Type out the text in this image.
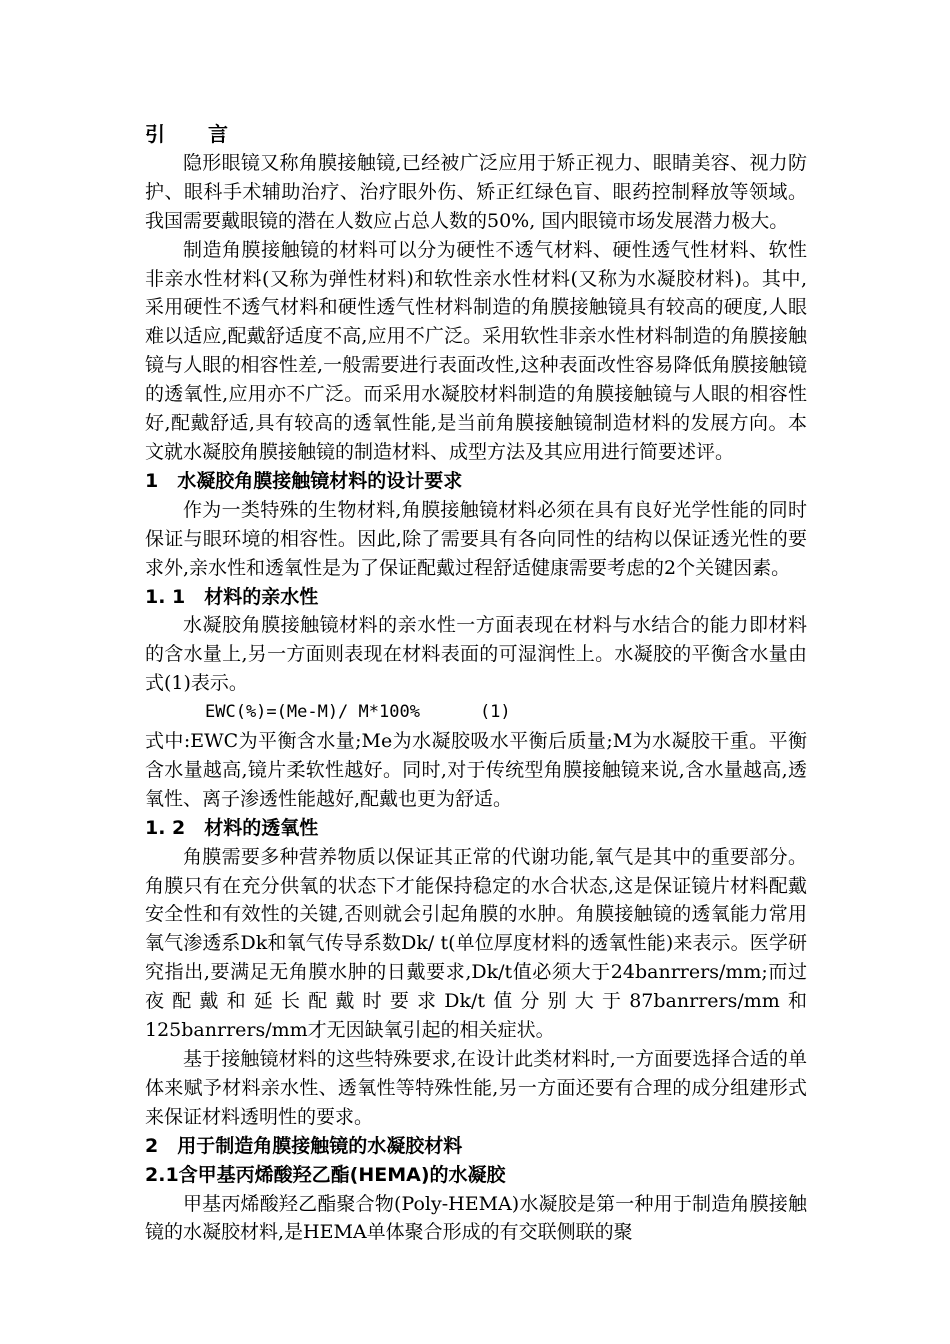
引 言

隐形眼镜又称角膜接触镜,已经被广泛应用于矫正视力、眼睛美容、视力防护、眼科手术辅助治疗、治疗眼外伤、矫正红绿色盲、眼药控制释放等领域。我国需要戴眼镜的潜在人数应占总人数的50%, 国内眼镜市场发展潜力极大。

制造角膜接触镜的材料可以分为硬性不透气材料、硬性透气性材料、软性非亲水性材料(又称为弹性材料)和软性亲水性材料(又称为水凝胶材料)。其中,采用硬性不透气材料和硬性透气性材料制造的角膜接触镜具有较高的硬度,人眼难以适应,配戴舒适度不高,应用不广泛。采用软性非亲水性材料制造的角膜接触镜与人眼的相容性差,一般需要进行表面改性,这种表面改性容易降低角膜接触镜的透氧性,应用亦不广泛。而采用水凝胶材料制造的角膜接触镜与人眼的相容性好,配戴舒适,具有较高的透氧性能,是当前角膜接触镜制造材料的发展方向。本文就水凝胶角膜接触镜的制造材料、成型方法及其应用进行简要述评。

1　水凝胶角膜接触镜材料的设计要求

作为一类特殊的生物材料,角膜接触镜材料必须在具有良好光学性能的同时保证与眼环境的相容性。因此,除了需要具有各向同性的结构以保证透光性的要求外,亲水性和透氧性是为了保证配戴过程舒适健康需要考虑的2个关键因素。

1. 1　材料的亲水性

水凝胶角膜接触镜材料的亲水性一方面表现在材料与水结合的能力即材料的含水量上,另一方面则表现在材料表面的可湿润性上。水凝胶的平衡含水量由式(1)表示。

EWC(%)=(Me-M)/ M*100%	(1)

式中:EWC为平衡含水量;Me为水凝胶吸水平衡后质量;M为水凝胶干重。平衡含水量越高,镜片柔软性越好。同时,对于传统型角膜接触镜来说,含水量越高,透氧性、离子渗透性能越好,配戴也更为舒适。

1. 2　材料的透氧性

角膜需要多种营养物质以保证其正常的代谢功能,氧气是其中的重要部分。角膜只有在充分供氧的状态下才能保持稳定的水合状态,这是保证镜片材料配戴安全性和有效性的关键,否则就会引起角膜的水肿。角膜接触镜的透氧能力常用氧气渗透系Dk和氧气传导系数Dk/ t(单位厚度材料的透氧性能)来表示。医学研究指出,要满足无角膜水肿的日戴要求,Dk/t值必须大于24banrrers/mm;而过夜配戴和延长配戴时要求Dk/t值分别大于87banrrers/mm和125banrrers/mm才无因缺氧引起的相关症状。

基于接触镜材料的这些特殊要求,在设计此类材料时,一方面要选择合适的单体来赋予材料亲水性、透氧性等特殊性能,另一方面还要有合理的成分组建形式来保证材料透明性的要求。

2　用于制造角膜接触镜的水凝胶材料

2.1含甲基丙烯酸羟乙酯(HEMA)的水凝胶

甲基丙烯酸羟乙酯聚合物(Poly-HEMA)水凝胶是第一种用于制造角膜接触镜的水凝胶材料,是HEMA单体聚合形成的有交联侧联的聚
